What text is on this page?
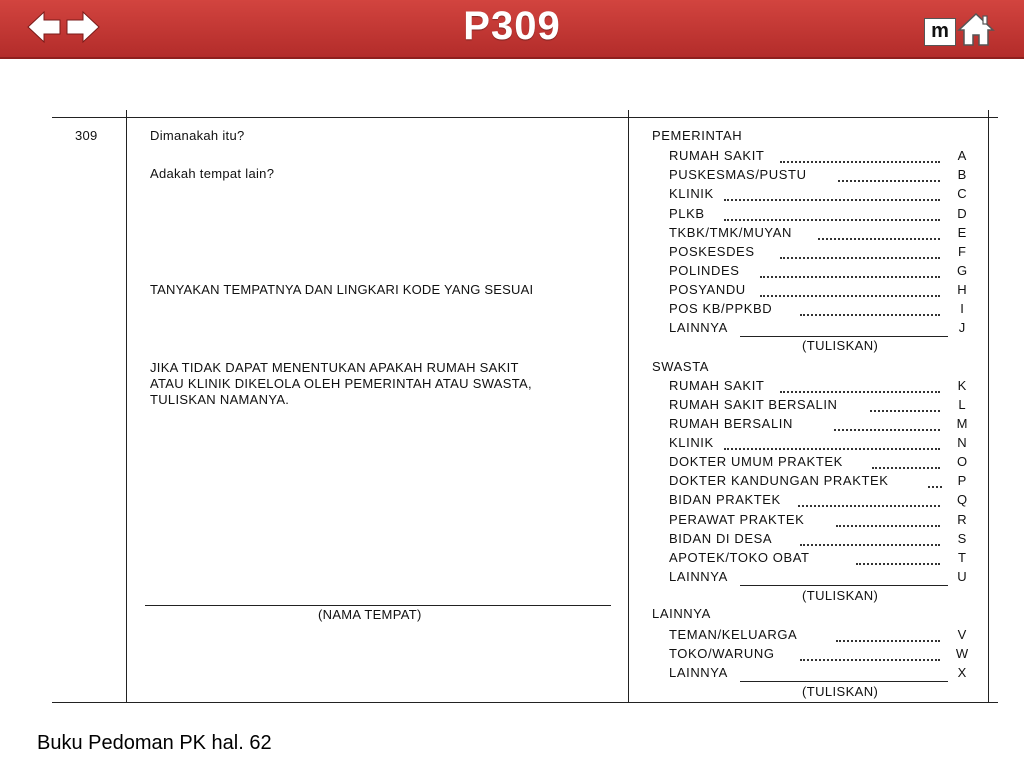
P309	m
309	Dimanakah itu?
Adakah tempat lain?
TANYAKAN TEMPATNYA DAN LINGKARI KODE YANG SESUAI
JIKA TIDAK DAPAT MENENTUKAN APAKAH RUMAH SAKIT
ATAU KLINIK DIKELOLA OLEH PEMERINTAH ATAU SWASTA,
TULISKAN NAMANYA.
(NAMA TEMPAT)
PEMERINTAH
RUMAH SAKIT	A
PUSKESMAS/PUSTU	B
KLINIK	C
PLKB	D
TKBK/TMK/MUYAN	E
POSKESDES	F
POLINDES	G
POSYANDU	H
POS KB/PPKBD	I
LAINNYA	J
(TULISKAN)
SWASTA
RUMAH SAKIT	K
RUMAH SAKIT BERSALIN	L
RUMAH BERSALIN	M
KLINIK	N
DOKTER UMUM PRAKTEK	O
DOKTER KANDUNGAN PRAKTEK	P
BIDAN PRAKTEK	Q
PERAWAT PRAKTEK	R
BIDAN DI DESA	S
APOTEK/TOKO OBAT	T
LAINNYA	U
(TULISKAN)
LAINNYA
TEMAN/KELUARGA	V
TOKO/WARUNG	W
LAINNYA	X
(TULISKAN)
Buku Pedoman PK hal. 62
